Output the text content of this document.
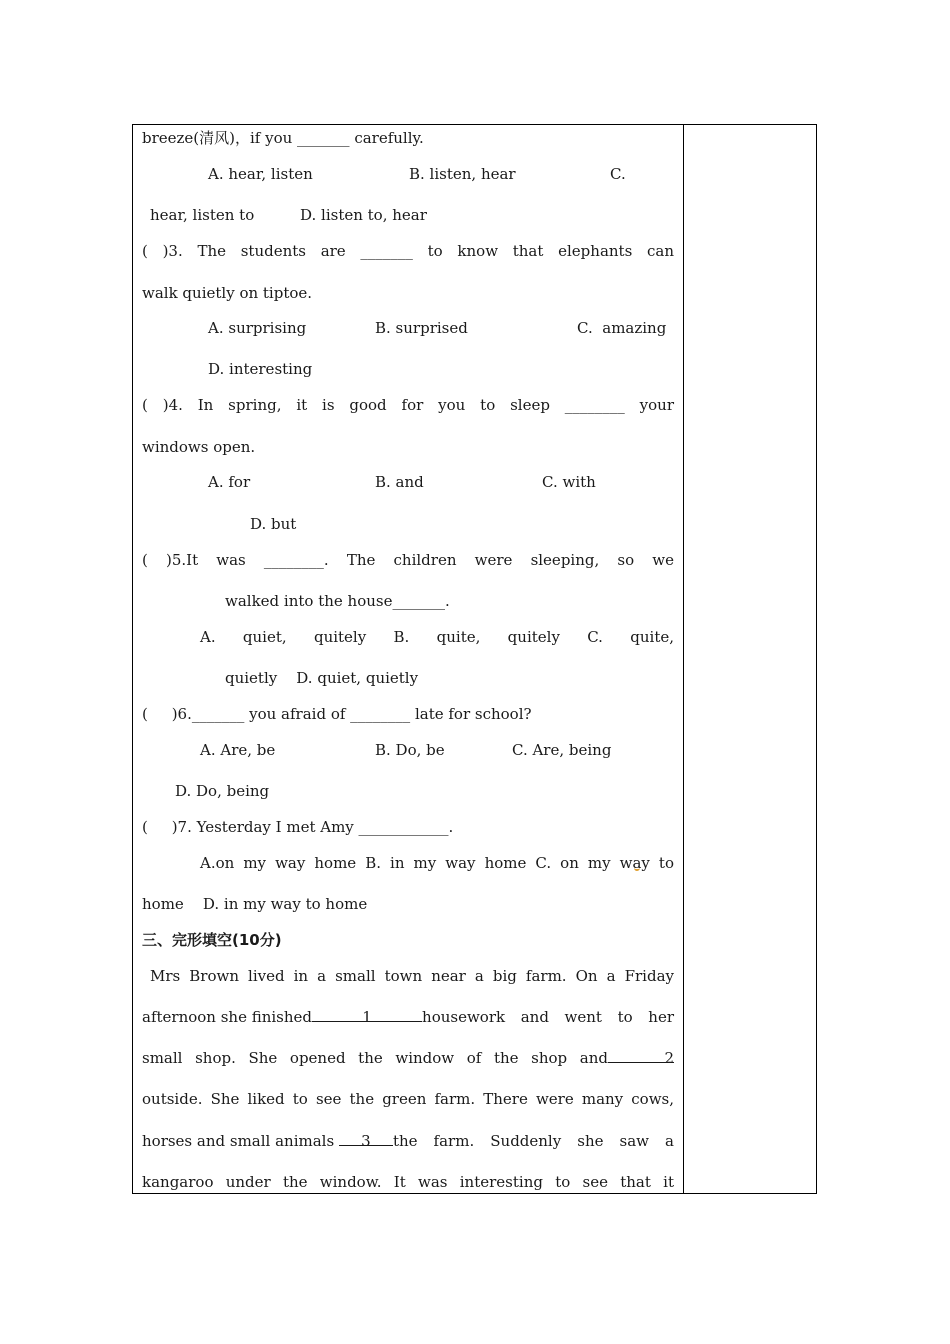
breeze(清风)，if you _______ carefully.
A. hear, listen	B. listen, hear	C.
hear, listen to	D. listen to, hear
( )3. The students are _______ to know that elephants can
walk quietly on tiptoe.
A. surprising	B. surprised	C.  amazing
D. interesting
( )4. In spring, it is good for you to sleep ________ your
windows open.
A. for	B. and	C. with
D. but
( )5.It was ________. The children were sleeping, so we
walked into the house_______.
A. quiet, quitely B. quite, quitely C. quite,
quietly    D. quiet, quietly
(     )6._______ you afraid of ________ late for school?
A. Are, be	B. Do, be	C. Are, being
D. Do, being
(     )7. Yesterday I met Amy ____________.
A.on my way home B. in my way home C. on my way to
home    D. in my way to home
三、完形填空(10分)
Mrs Brown lived in a small town near a big farm. On a Friday
afternoon she finished	1	housework and went to her
small shop. She opened the window of the shop and	2
outside. She liked to see the green farm. There were many cows,
horses and small animals	3	the farm. Suddenly she saw a
kangaroo under the window. It was interesting to see that it
